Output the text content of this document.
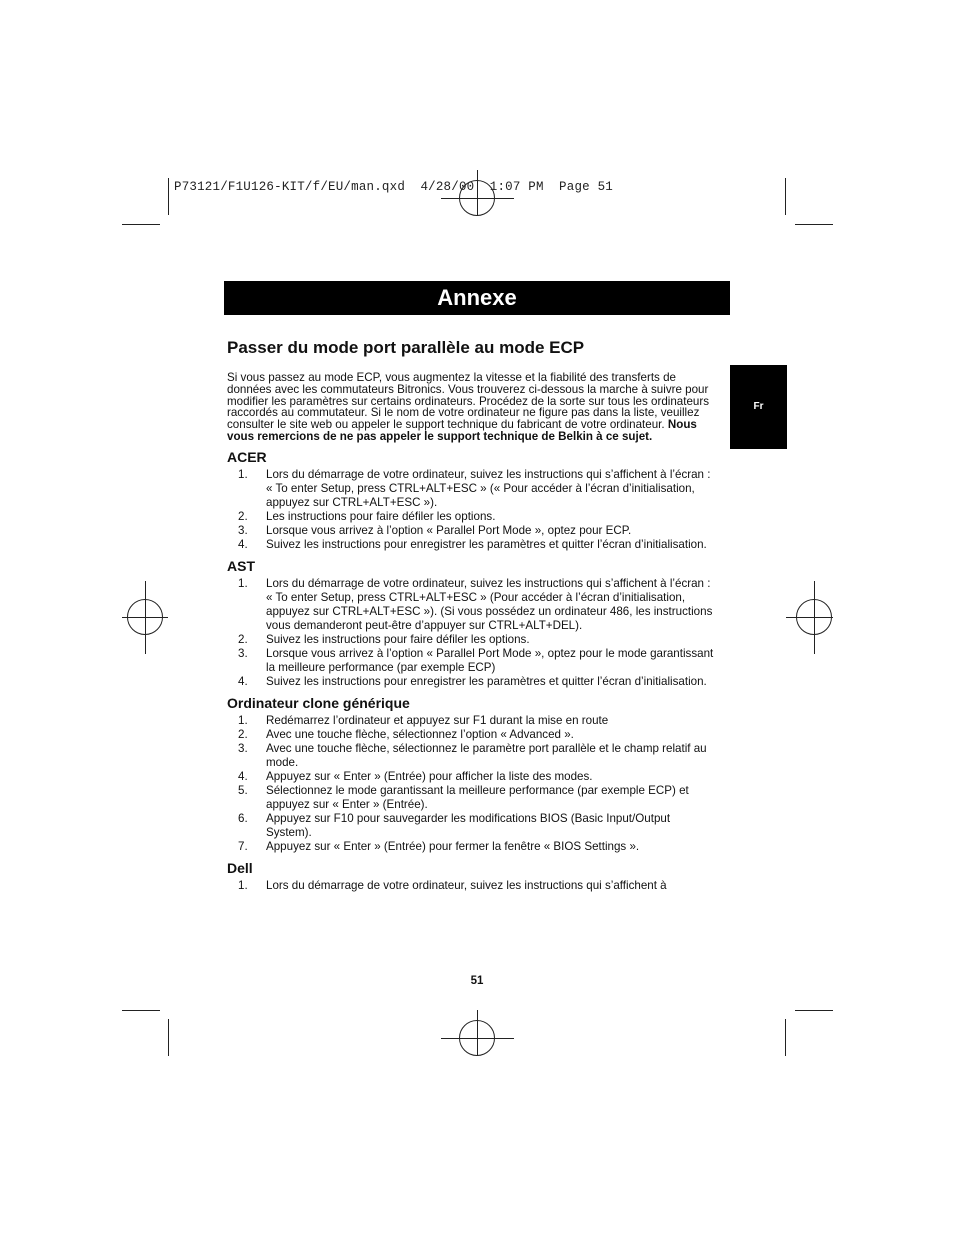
P73121/F1U126-KIT/f/EU/man.qxd  4/28/00  1:07 PM  Page 51
Annexe
Fr
Passer du mode port parallèle au mode ECP

Si vous passez au mode ECP, vous augmentez la vitesse et la fiabilité des transferts de données avec les commutateurs Bitronics. Vous trouverez ci-dessous la marche à suivre pour modifier les paramètres sur certains ordinateurs. Procédez de la sorte sur tous les ordinateurs raccordés au commutateur. Si le nom de votre ordinateur ne figure pas dans la liste, veuillez consulter le site web ou appeler le support technique du fabricant de votre ordinateur. Nous vous remercions de ne pas appeler le support technique de Belkin à ce sujet.

ACER
1.	Lors du démarrage de votre ordinateur, suivez les instructions qui s’affichent à l’écran : « To enter Setup, press CTRL+ALT+ESC » (« Pour accéder à l’écran d’initialisation, appuyez sur CTRL+ALT+ESC »).
2.	Les instructions pour faire défiler les options.
3.	Lorsque vous arrivez à l’option « Parallel Port Mode », optez pour ECP.
4.	Suivez les instructions pour enregistrer les paramètres et quitter l’écran d’initialisation.
AST
1.	Lors du démarrage de votre ordinateur, suivez les instructions qui s’affichent à l’écran : « To enter Setup, press CTRL+ALT+ESC » (Pour accéder à l’écran d’initialisation, appuyez sur CTRL+ALT+ESC »). (Si vous possédez un ordinateur 486, les instructions vous demanderont peut-être d’appuyer sur CTRL+ALT+DEL).
2.	Suivez les instructions pour faire défiler les options.
3.	Lorsque vous arrivez à l’option « Parallel Port Mode », optez pour le mode garantissant la meilleure performance (par exemple ECP)
4.	Suivez les instructions pour enregistrer les paramètres et quitter l’écran d’initialisation.
Ordinateur clone générique
1.	Redémarrez l’ordinateur et appuyez sur F1 durant la mise en route
2.	Avec une touche flèche, sélectionnez l’option « Advanced ».
3.	Avec une touche flèche, sélectionnez le paramètre port parallèle et le champ relatif au mode.
4.	Appuyez sur « Enter » (Entrée) pour afficher la liste des modes.
5.	Sélectionnez le mode garantissant la meilleure performance (par exemple ECP) et appuyez sur « Enter » (Entrée).
6.	Appuyez sur F10 pour sauvegarder les modifications BIOS (Basic Input/Output System).
7.	Appuyez sur « Enter » (Entrée) pour fermer la fenêtre « BIOS Settings ».
Dell
1.	Lors du démarrage de votre ordinateur, suivez les instructions qui s’affichent à
51
